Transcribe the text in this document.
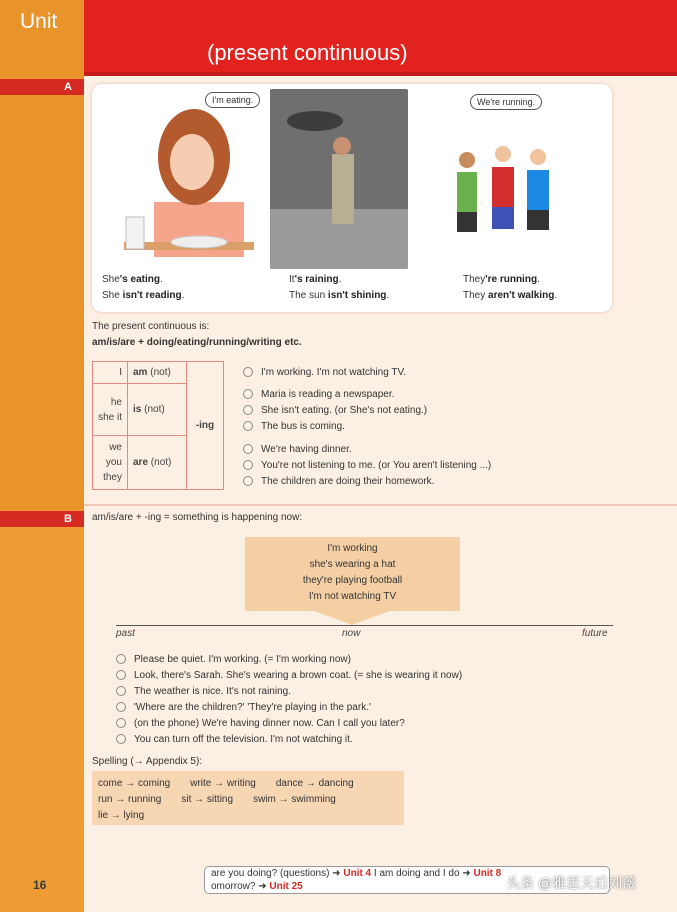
Unit
16
(present continuous)
A
B
I'm eating.	We're running.
She's eating.
She isn't reading.
It's raining.
The sun isn't shining.
They're running.
They aren't walking.
The present continuous is:
am/is/are + doing/eating/running/writing etc.
I	am (not)	-ing
he she it	is (not)	
we you they	are (not)	
I'm working. I'm not watching TV.
Maria is reading a newspaper.
She isn't eating. (or She's not eating.)
The bus is coming.
We're having dinner.
You're not listening to me. (or You aren't listening ...)
The children are doing their homework.
am/is/are + -ing = something is happening now:
I'm working
she's wearing a hat
they're playing football
I'm not watching TV
past	now	future
Please be quiet. I'm working. (= I'm working now)
Look, there's Sarah. She's wearing a brown coat. (= she is wearing it now)
The weather is nice. It's not raining.
'Where are the children?' 'They're playing in the park.'
(on the phone) We're having dinner now. Can I call you later?
You can turn off the television. I'm not watching it.
Spelling (→ Appendix 5):
come → coming write → writing dance → dancing
run → running sit → sitting swim → swimming
lie → lying
are you doing? (questions) ➜ Unit 4 I am doing and I do ➜ Unit 8
omorrow? ➜ Unit 25	头条 @雅思天后刘薇
